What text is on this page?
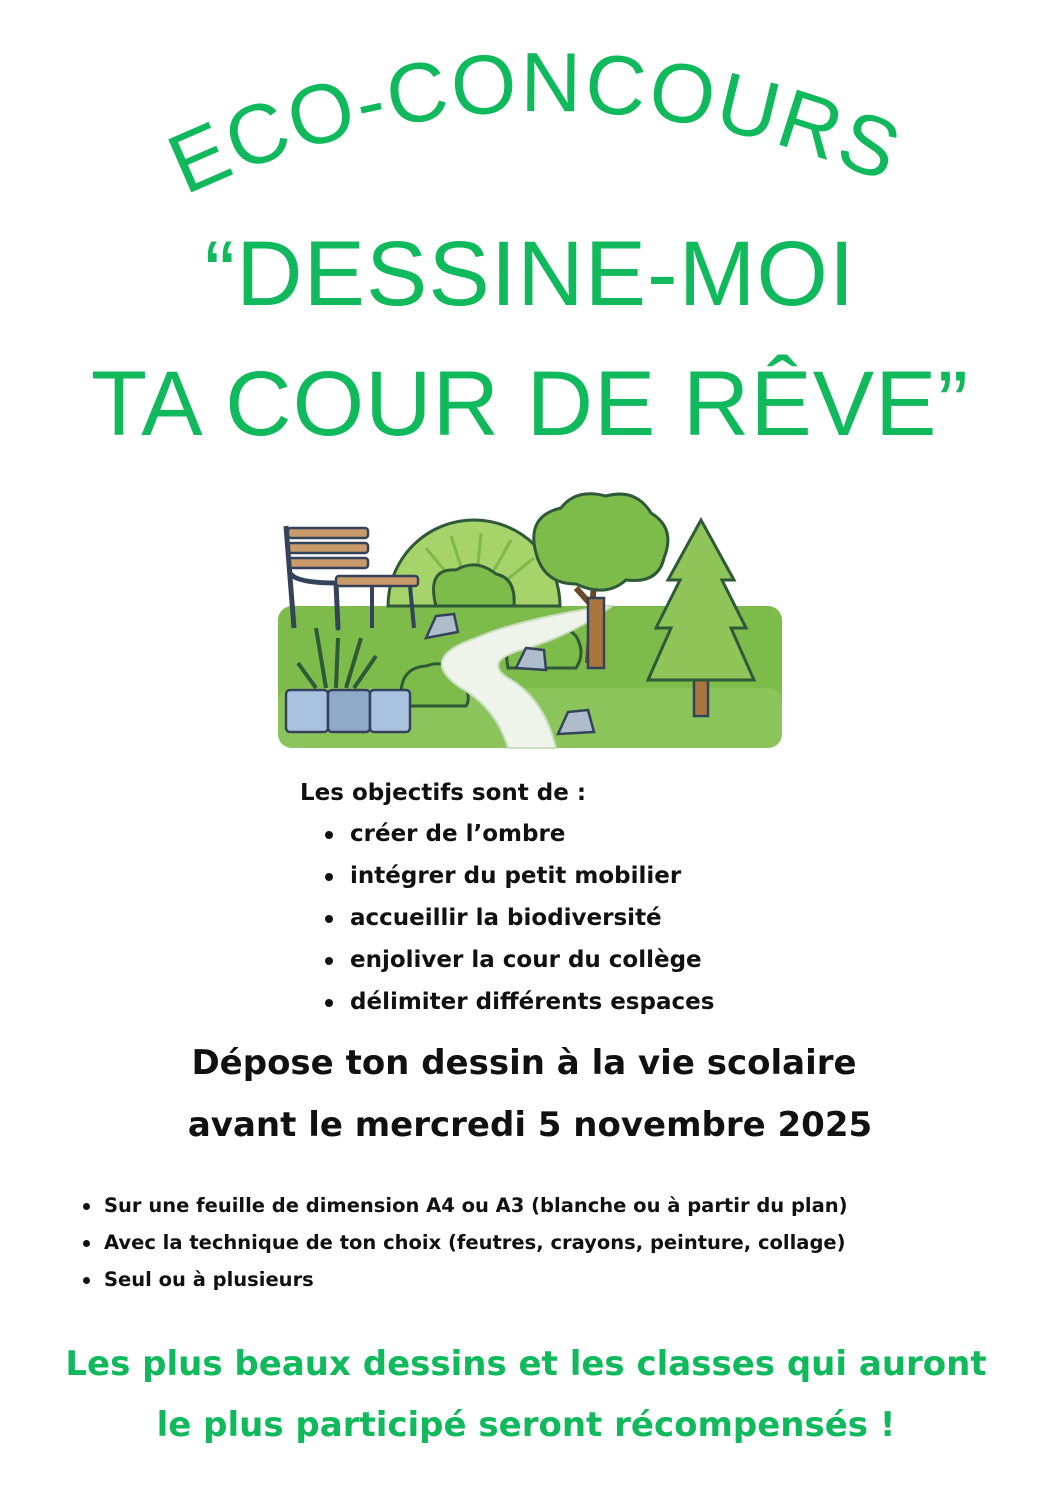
ECO-CONCOURS
“DESSINE-MOI
TA COUR DE RÊVE”
Les objectifs sont de :
créer de l’ombre
intégrer du petit mobilier
accueillir la biodiversité
enjoliver la cour du collège
délimiter différents espaces
Dépose ton dessin à la vie scolaire
avant le mercredi 5 novembre 2025
Sur une feuille de dimension A4 ou A3 (blanche ou à partir du plan)
Avec la technique de ton choix (feutres, crayons, peinture, collage)
Seul ou à plusieurs
Les plus beaux dessins et les classes qui auront
le plus participé seront récompensés !
